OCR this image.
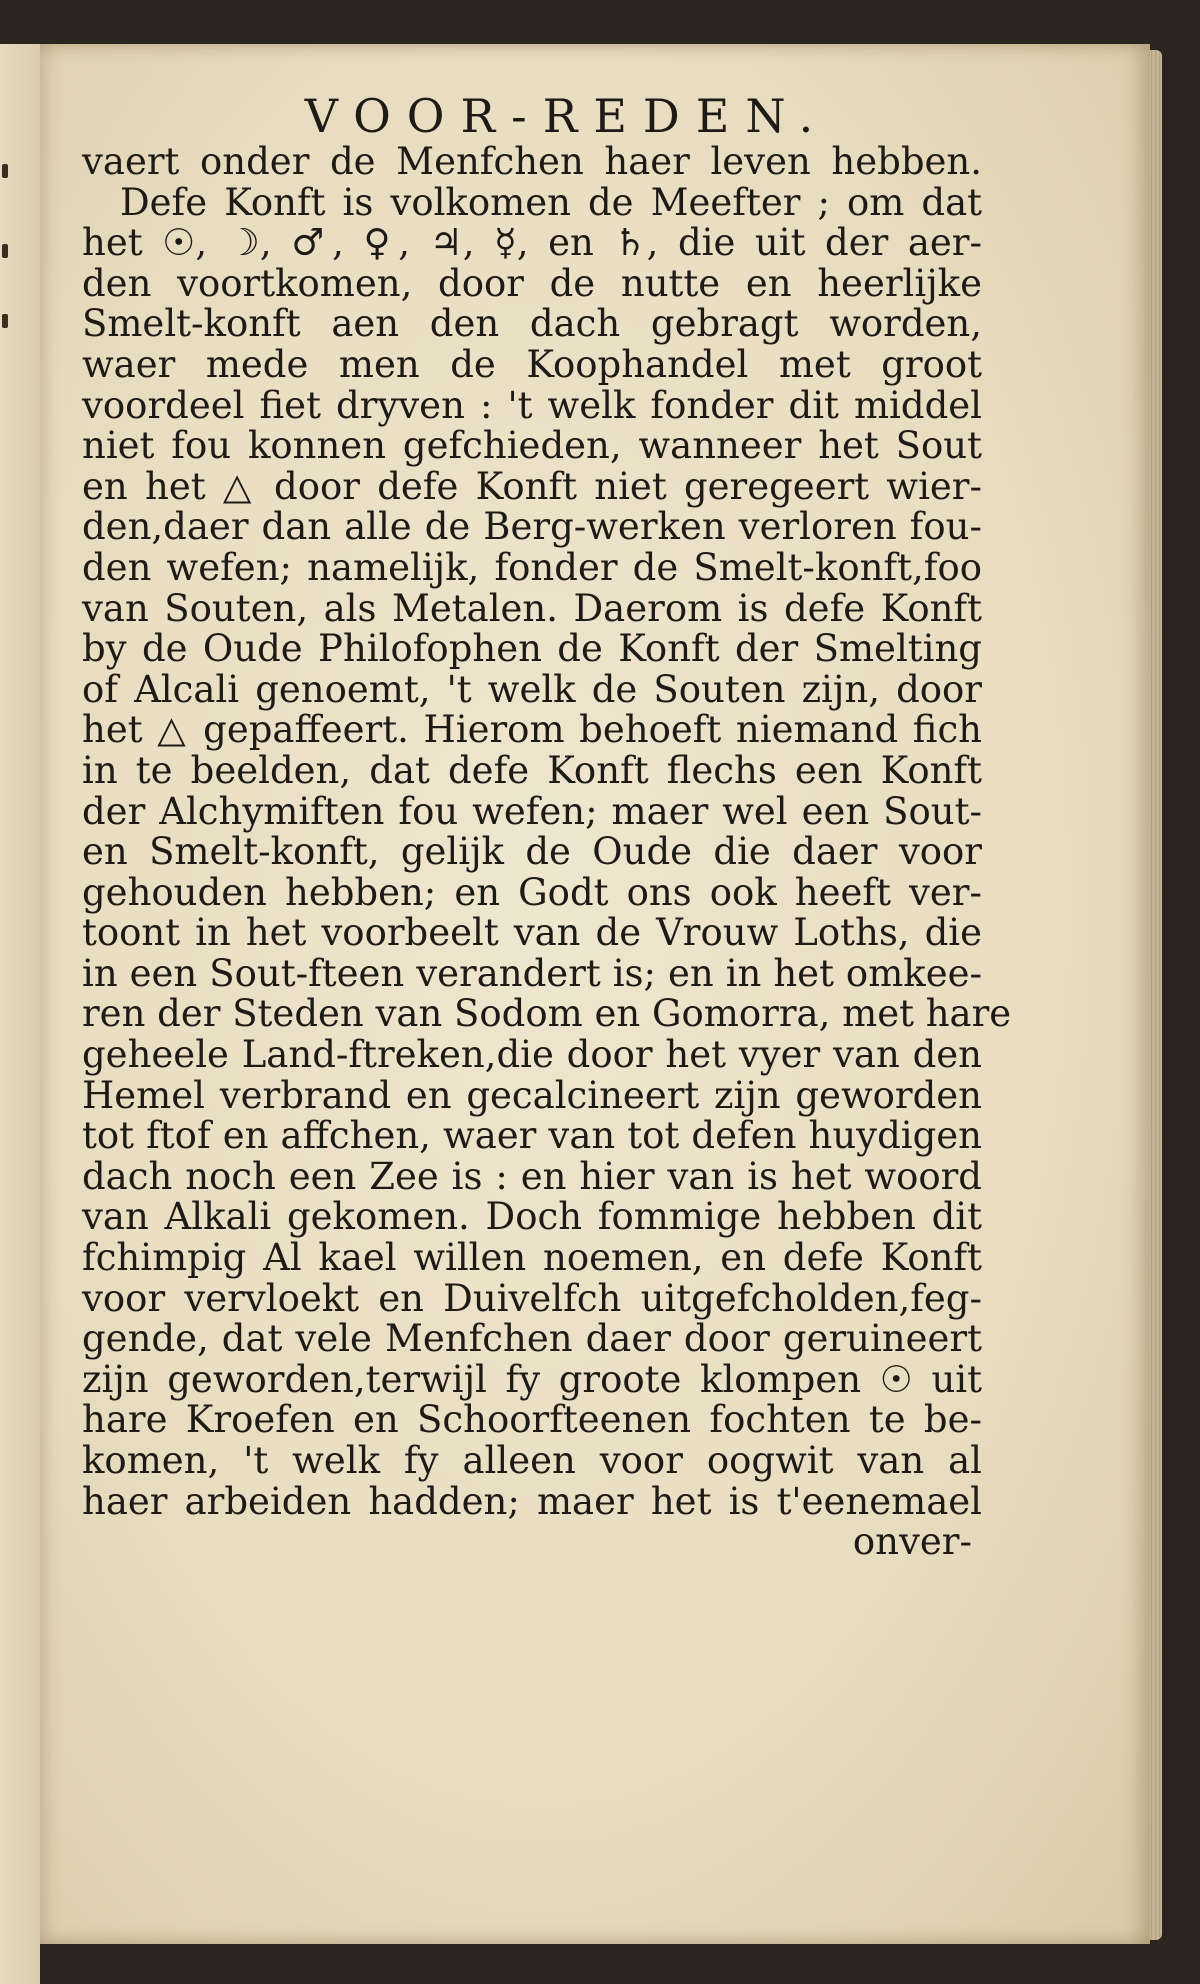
VOOR-REDEN.
vaert onder de Menfchen haer leven hebben.
Defe Konft is volkomen de Meefter ; om dat
het ☉, ☽, ♂, ♀, ♃, ☿, en ♄, die uit der aer-
den voortkomen, door de nutte en heerlijke
Smelt-konft aen den dach gebragt worden,
waer mede men de Koophandel met groot
voordeel fiet dryven : 't welk fonder dit middel
niet fou konnen gefchieden, wanneer het Sout
en het △ door defe Konft niet geregeert wier-
den,daer dan alle de Berg-werken verloren fou-
den wefen; namelijk, fonder de Smelt-konft,foo
van Souten, als Metalen. Daerom is defe Konft
by de Oude Philofophen de Konft der Smelting
of Alcali genoemt, 't welk de Souten zijn, door
het △ gepaffeert. Hierom behoeft niemand fich
in te beelden, dat defe Konft flechs een Konft
der Alchymiften fou wefen; maer wel een Sout-
en Smelt-konft, gelijk de Oude die daer voor
gehouden hebben; en Godt ons ook heeft ver-
toont in het voorbeelt van de Vrouw Loths, die
in een Sout-fteen verandert is; en in het omkee-
ren der Steden van Sodom en Gomorra, met hare
geheele Land-ftreken,die door het vyer van den
Hemel verbrand en gecalcineert zijn geworden
tot ftof en affchen, waer van tot defen huydigen
dach noch een Zee is : en hier van is het woord
van Alkali gekomen. Doch fommige hebben dit
fchimpig Al kael willen noemen, en defe Konft
voor vervloekt en Duivelfch uitgefcholden,feg-
gende, dat vele Menfchen daer door geruineert
zijn geworden,terwijl fy groote klompen ☉ uit
hare Kroefen en Schoorfteenen fochten te be-
komen, 't welk fy alleen voor oogwit van al
haer arbeiden hadden; maer het is t'eenemael
onver-
